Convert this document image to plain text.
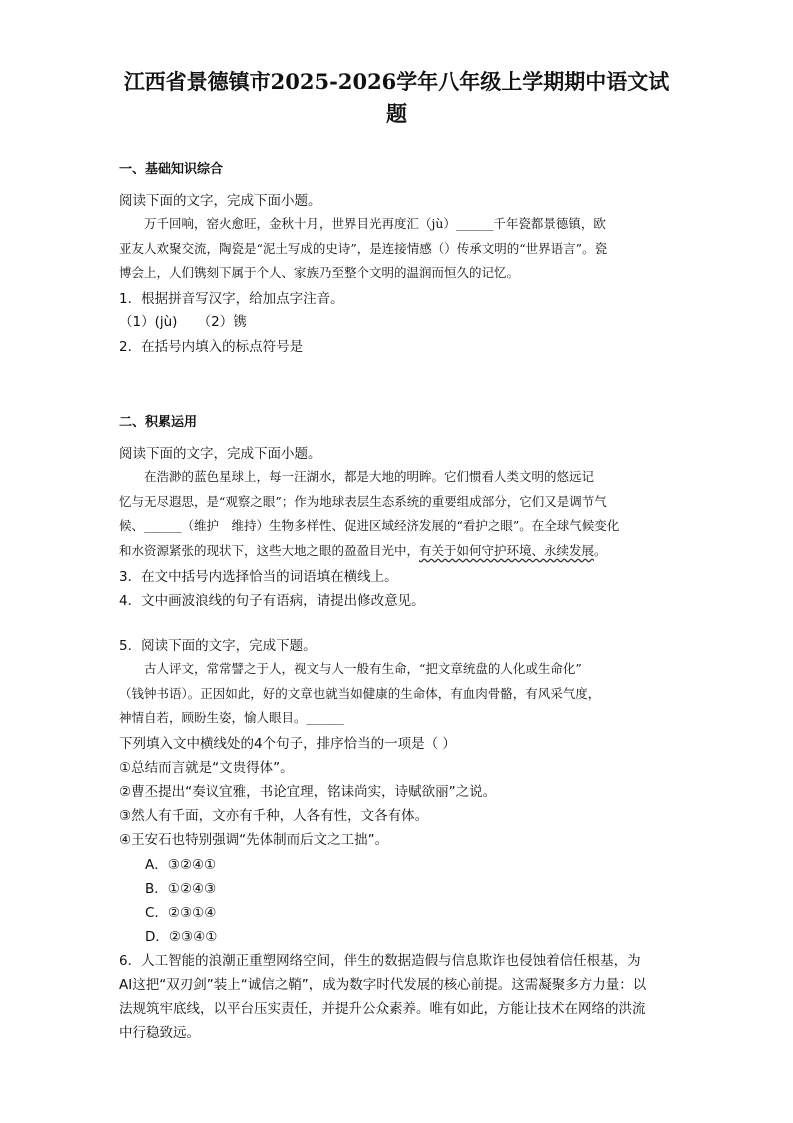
江西省景德镇市2025-2026学年八年级上学期期中语文试
题
一、基础知识综合
阅读下面的文字，完成下面小题。
　　万千回响，窑火愈旺，金秋十月，世界目光再度汇（jù）______千年瓷都景德镇，欧
亚友人欢聚交流，陶瓷是“泥土写成的史诗”，是连接情感（）传承文明的“世界语言”。瓷
博会上，人们镌刻下属于个人、家族乃至整个文明的温润而恒久的记忆。
1．根据拼音写汉字，给加点字注音。
（1）(jù)　　（2）镌
2．在括号内填入的标点符号是
二、积累运用
阅读下面的文字，完成下面小题。
　　在浩渺的蓝色星球上，每一汪湖水，都是大地的明眸。它们惯看人类文明的悠远记
忆与无尽遐思，是“观察之眼”；作为地球表层生态系统的重要组成部分，它们又是调节气
候、______（维护　维持）生物多样性、促进区域经济发展的“看护之眼”。在全球气候变化
和水资源紧张的现状下，这些大地之眼的盈盈目光中，有关于如何守护环境、永续发展。
3．在文中括号内选择恰当的词语填在横线上。
4．文中画波浪线的句子有语病，请提出修改意见。
5．阅读下面的文字，完成下题。
　　古人评文，常常譬之于人，视文与人一般有生命，“把文章统盘的人化或生命化”
（钱钟书语）。正因如此，好的文章也就当如健康的生命体，有血肉骨骼，有风采气度，
神情自若，顾盼生姿，愉人眼目。______
下列填入文中横线处的4个句子，排序恰当的一项是（ ）
①总结而言就是“文贵得体”。
②曹丕提出“奏议宜雅，书论宜理，铭诔尚实，诗赋欲丽”之说。
③然人有千面，文亦有千种，人各有性，文各有体。
④王安石也特别强调“先体制而后文之工拙”。
A．③②④①
B．①②④③
C．②③①④
D．②③④①
6．人工智能的浪潮正重塑网络空间，伴生的数据造假与信息欺诈也侵蚀着信任根基，为
AI这把“双刃剑”装上“诚信之鞘”，成为数字时代发展的核心前提。这需凝聚多方力量：以
法规筑牢底线，以平台压实责任，并提升公众素养。唯有如此，方能让技术在网络的洪流
中行稳致远。
